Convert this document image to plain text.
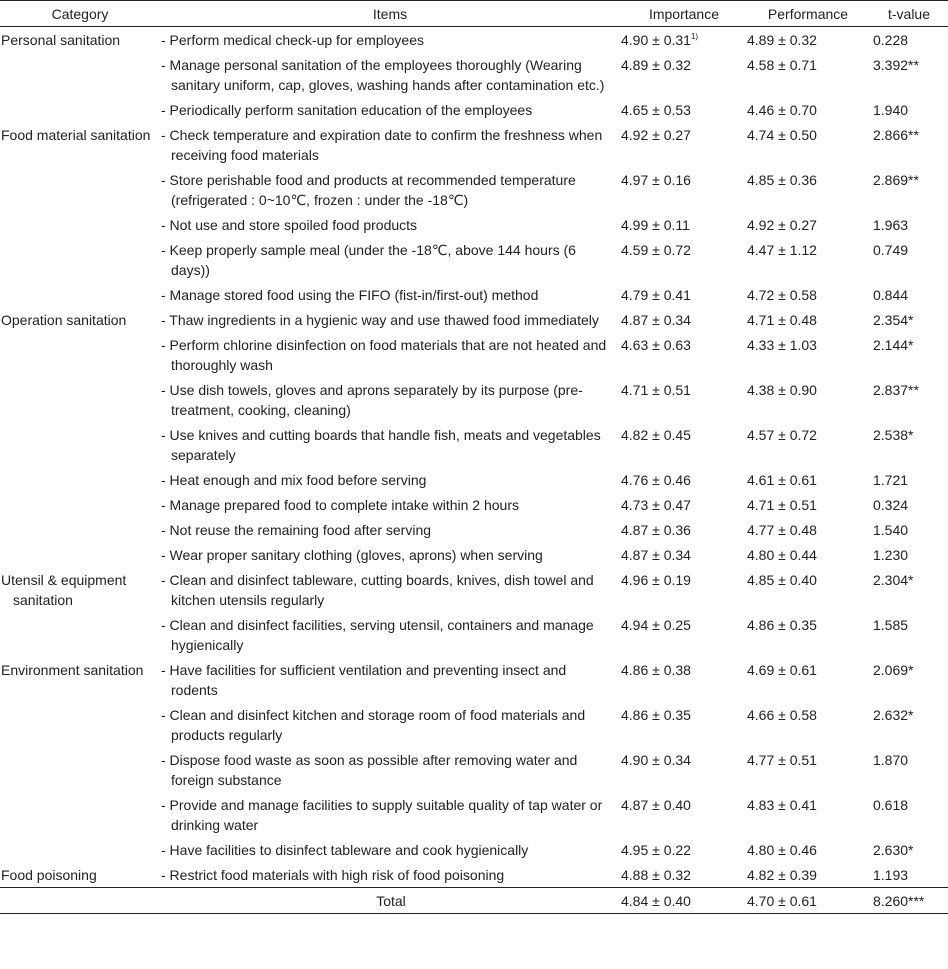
Category	Items	Importance	Performance	t-value

Personal sanitation	- Perform medical check-up for employees	$4.90 \pm 0.31^{1)}$	4.89 ± 0.32	0.228

	- Manage personal sanitation of the employees thoroughly (Wearing sanitary uniform, cap, gloves, washing hands after contamination etc.)	4.89 ± 0.32	4.58 ± 0.71	3.392**

	- Periodically perform sanitation education of the employees	4.65 ± 0.53	4.46 ± 0.70	1.940

Food material sanitation	- Check temperature and expiration date to confirm the freshness when receiving food materials	4.92 ± 0.27	4.74 ± 0.50	2.866**

	- Store perishable food and products at recommended temperature (refrigerated : 0~10℃, frozen : under the -18℃)	4.97 ± 0.16	4.85 ± 0.36	2.869**

	- Not use and store spoiled food products	4.99 ± 0.11	4.92 ± 0.27	1.963

	- Keep properly sample meal (under the -18℃, above 144 hours (6 days))	4.59 ± 0.72	4.47 ± 1.12	0.749

	- Manage stored food using the FIFO (fist-in/first-out) method	4.79 ± 0.41	4.72 ± 0.58	0.844

Operation sanitation	- Thaw ingredients in a hygienic way and use thawed food immediately	4.87 ± 0.34	4.71 ± 0.48	2.354*

	- Perform chlorine disinfection on food materials that are not heated and thoroughly wash	4.63 ± 0.63	4.33 ± 1.03	2.144*

	- Use dish towels, gloves and aprons separately by its purpose (pre-treatment, cooking, cleaning)	4.71 ± 0.51	4.38 ± 0.90	2.837**

	- Use knives and cutting boards that handle fish, meats and vegetables separately	4.82 ± 0.45	4.57 ± 0.72	2.538*

	- Heat enough and mix food before serving	4.76 ± 0.46	4.61 ± 0.61	1.721

	- Manage prepared food to complete intake within 2 hours	4.73 ± 0.47	4.71 ± 0.51	0.324

	- Not reuse the remaining food after serving	4.87 ± 0.36	4.77 ± 0.48	1.540

	- Wear proper sanitary clothing (gloves, aprons) when serving	4.87 ± 0.34	4.80 ± 0.44	1.230

Utensil & equipment sanitation	- Clean and disinfect tableware, cutting boards, knives, dish towel and kitchen utensils regularly	4.96 ± 0.19	4.85 ± 0.40	2.304*

	- Clean and disinfect facilities, serving utensil, containers and manage hygienically	4.94 ± 0.25	4.86 ± 0.35	1.585

Environment sanitation	- Have facilities for sufficient ventilation and preventing insect and rodents	4.86 ± 0.38	4.69 ± 0.61	2.069*

	- Clean and disinfect kitchen and storage room of food materials and products regularly	4.86 ± 0.35	4.66 ± 0.58	2.632*

	- Dispose food waste as soon as possible after removing water and foreign substance	4.90 ± 0.34	4.77 ± 0.51	1.870

	- Provide and manage facilities to supply suitable quality of tap water or drinking water	4.87 ± 0.40	4.83 ± 0.41	0.618

	- Have facilities to disinfect tableware and cook hygienically	4.95 ± 0.22	4.80 ± 0.46	2.630*

Food poisoning	- Restrict food materials with high risk of food poisoning	4.88 ± 0.32	4.82 ± 0.39	1.193
	Total	4.84 ± 0.40	4.70 ± 0.61	8.260***
